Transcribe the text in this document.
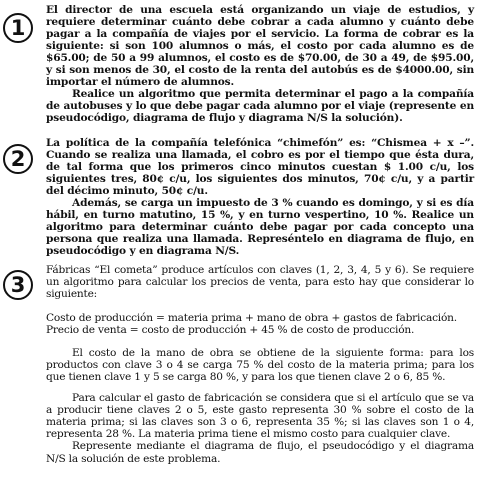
1

El director de una escuela está organizando un viaje de estudios, y requiere determinar cuánto debe cobrar a cada alumno y cuánto debe pagar a la compañía de viajes por el servicio. La forma de cobrar es la siguiente: si son 100 alumnos o más, el costo por cada alumno es de $65.00; de 50 a 99 alumnos, el costo es de $70.00, de 30 a 49, de $95.00, y si son menos de 30, el costo de la renta del autobús es de $4000.00, sin importar el número de alumnos.

Realice un algoritmo que permita determinar el pago a la compañía de autobuses y lo que debe pagar cada alumno por el viaje (represente en pseudocódigo, diagrama de flujo y diagrama N/S la solución).

2

La política de la compañía telefónica “chimefón” es: “Chismea + x –”. Cuando se realiza una llamada, el cobro es por el tiempo que ésta dura, de tal forma que los primeros cinco minutos cuestan $ 1.00 c/u, los siguientes tres, 80¢ c/u, los siguientes dos minutos, 70¢ c/u, y a partir del décimo minuto, 50¢ c/u.

Además, se carga un impuesto de 3 % cuando es domingo, y si es día hábil, en turno matutino, 15 %, y en turno vespertino, 10 %. Realice un algoritmo para determinar cuánto debe pagar por cada concepto una persona que realiza una llamada. Represéntelo en diagrama de flujo, en pseudocódigo y en diagrama N/S.

3

Fábricas “El cometa” produce artículos con claves (1, 2, 3, 4, 5 y 6). Se requiere un algoritmo para calcular los precios de venta, para esto hay que considerar lo siguiente:

Costo de producción = materia prima + mano de obra + gastos de fabricación.

Precio de venta = costo de producción + 45 % de costo de producción.

El costo de la mano de obra se obtiene de la siguiente forma: para los productos con clave 3 o 4 se carga 75 % del costo de la materia prima; para los que tienen clave 1 y 5 se carga 80 %, y para los que tienen clave 2 o 6, 85 %.

Para calcular el gasto de fabricación se considera que si el artículo que se va a producir tiene claves 2 o 5, este gasto representa 30 % sobre el costo de la materia prima; si las claves son 3 o 6, representa 35 %; si las claves son 1 o 4, representa 28 %. La materia prima tiene el mismo costo para cualquier clave.

Represente mediante el diagrama de flujo, el pseudocódigo y el diagrama N/S la solución de este problema.
